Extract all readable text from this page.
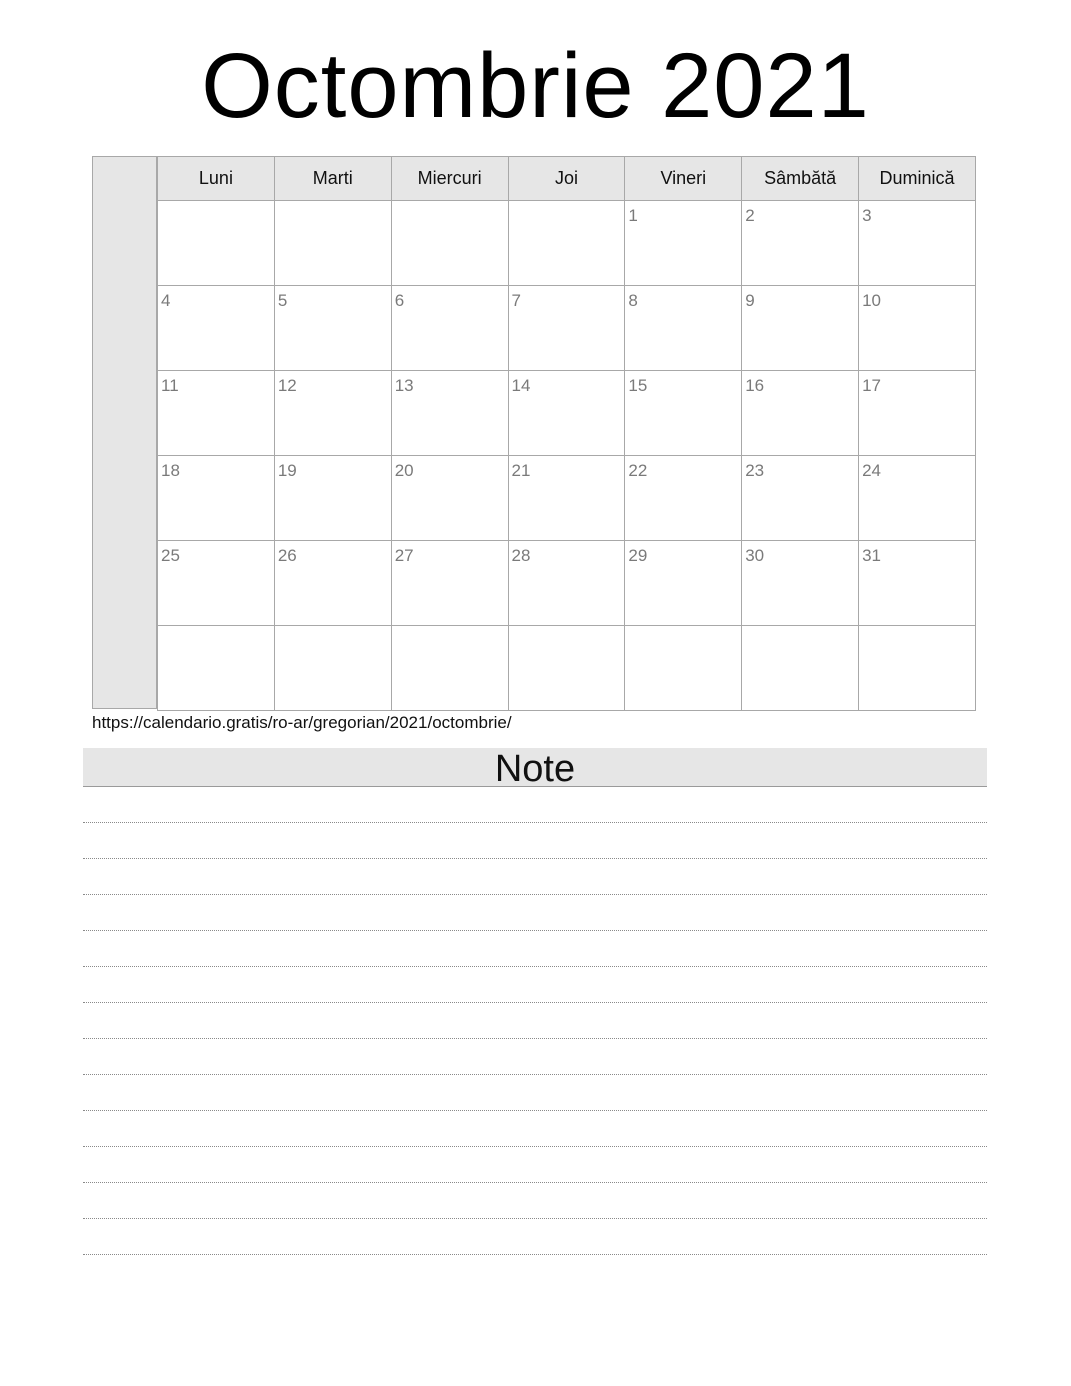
Octombrie 2021
Luni	Marti	Miercuri	Joi	Vineri	Sâmbătă	Duminică

				1	2	3

4	5	6	7	8	9	10

11	12	13	14	15	16	17

18	19	20	21	22	23	24

25	26	27	28	29	30	31

https://calendario.gratis/ro-ar/gregorian/2021/octombrie/
Note
